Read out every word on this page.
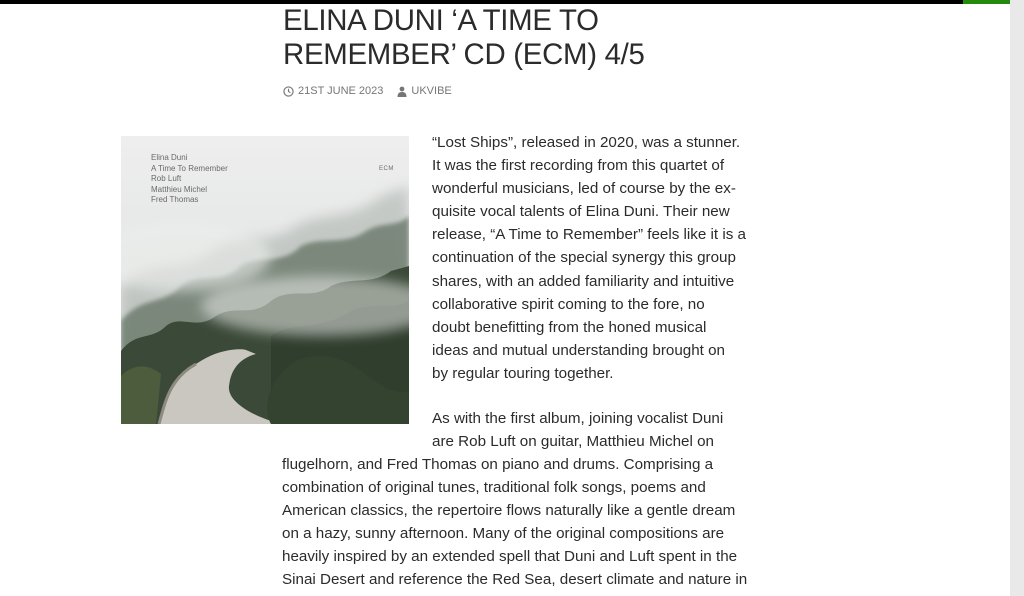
ELINA DUNI ‘A TIME TO
REMEMBER’ CD (ECM) 4/5
21ST JUNE 2023	UKVIBE
Elina Duni
A Time To Remember
Rob Luft
Matthieu Michel
Fred Thomas
ECM
“Lost Ships”, released in 2020, was a stunner.
It was the first recording from this quartet of
wonderful musicians, led of course by the ex-
quisite vocal talents of Elina Duni. Their new
release, “A Time to Remember” feels like it is a
continuation of the special synergy this group
shares, with an added familiarity and intuitive
collaborative spirit coming to the fore, no
doubt benefitting from the honed musical
ideas and mutual understanding brought on
by regular touring together.
As with the first album, joining vocalist Duni
are Rob Luft on guitar, Matthieu Michel on
flugelhorn, and Fred Thomas on piano and drums. Comprising a
combination of original tunes, traditional folk songs, poems and
American classics, the repertoire flows naturally like a gentle dream
on a hazy, sunny afternoon. Many of the original compositions are
heavily inspired by an extended spell that Duni and Luft spent in the
Sinai Desert and reference the Red Sea, desert climate and nature in
